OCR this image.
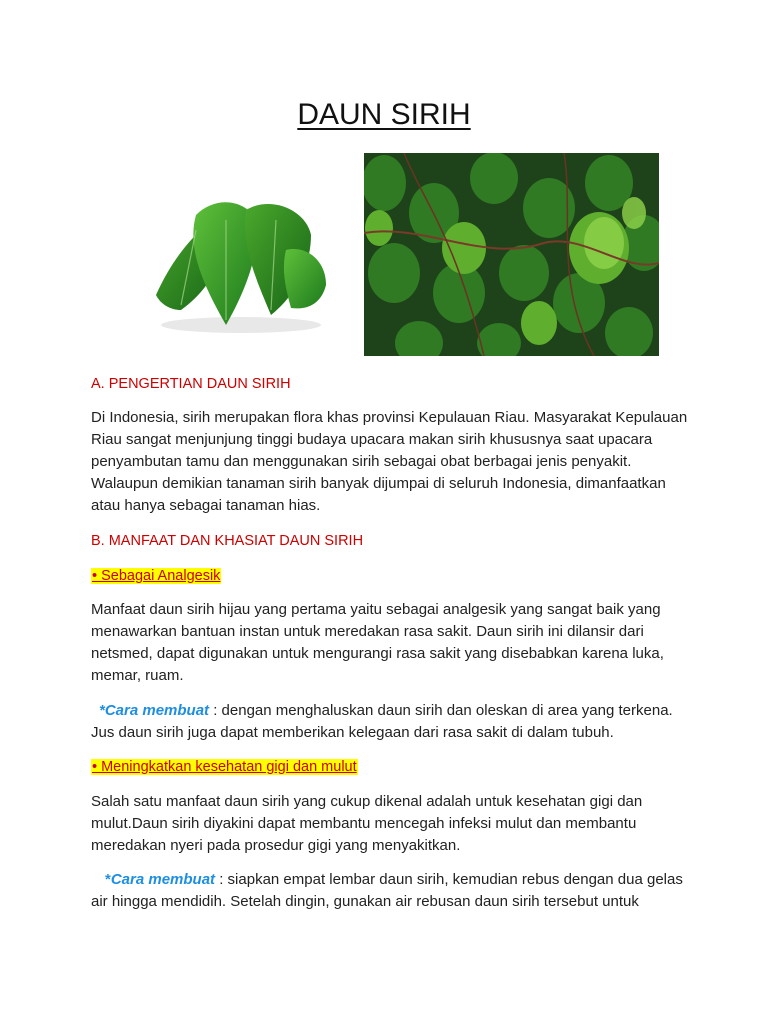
DAUN SIRIH
A. PENGERTIAN DAUN SIRIH
Di Indonesia, sirih merupakan flora khas provinsi Kepulauan Riau. Masyarakat Kepulauan Riau sangat menjunjung tinggi budaya upacara makan sirih khususnya saat upacara penyambutan tamu dan menggunakan sirih sebagai obat berbagai jenis penyakit. Walaupun demikian tanaman sirih banyak dijumpai di seluruh Indonesia, dimanfaatkan atau hanya sebagai tanaman hias.
B. MANFAAT DAN KHASIAT DAUN SIRIH
• Sebagai Analgesik
Manfaat daun sirih hijau yang pertama yaitu sebagai analgesik yang sangat baik yang menawarkan bantuan instan untuk meredakan rasa sakit. Daun sirih ini dilansir dari netsmed, dapat digunakan untuk mengurangi rasa sakit yang disebabkan karena luka, memar, ruam.
*Cara membuat : dengan menghaluskan daun sirih dan oleskan di area yang terkena. Jus daun sirih juga dapat memberikan kelegaan dari rasa sakit di dalam tubuh.
• Meningkatkan kesehatan gigi dan mulut
Salah satu manfaat daun sirih yang cukup dikenal adalah untuk kesehatan gigi dan mulut.Daun sirih diyakini dapat membantu mencegah infeksi mulut dan membantu meredakan nyeri pada prosedur gigi yang menyakitkan.
*Cara membuat : siapkan empat lembar daun sirih, kemudian rebus dengan dua gelas air hingga mendidih. Setelah dingin, gunakan air rebusan daun sirih tersebut untuk
